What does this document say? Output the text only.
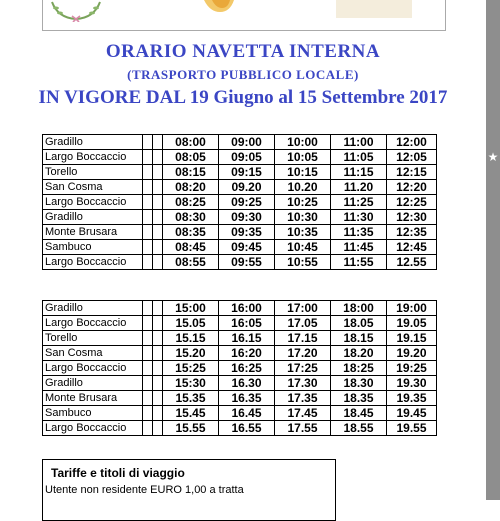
★
ORARIO NAVETTA INTERNA
(TRASPORTO PUBBLICO LOCALE)
IN VIGORE DAL 19 Giugno al 15 Settembre 2017
Gradillo			08:00	09:00	10:00	11:00	12:00
Largo Boccaccio			08:05	09:05	10:05	11:05	12:05
Torello			08:15	09:15	10:15	11:15	12:15
San Cosma			08:20	09.20	10.20	11.20	12:20
Largo Boccaccio			08:25	09:25	10:25	11:25	12:25
Gradillo			08:30	09:30	10:30	11:30	12:30
Monte Brusara			08:35	09:35	10:35	11:35	12:35
Sambuco			08:45	09:45	10:45	11:45	12:45
Largo Boccaccio			08:55	09:55	10:55	11:55	12.55
Gradillo			15:00	16:00	17:00	18:00	19:00
Largo Boccaccio			15.05	16:05	17.05	18.05	19.05
Torello			15.15	16.15	17.15	18.15	19.15
San Cosma			15.20	16:20	17.20	18.20	19.20
Largo Boccaccio			15:25	16:25	17:25	18:25	19:25
Gradillo			15:30	16.30	17.30	18.30	19.30
Monte Brusara			15.35	16.35	17.35	18.35	19.35
Sambuco			15.45	16.45	17.45	18.45	19.45
Largo Boccaccio			15.55	16.55	17.55	18.55	19.55
Tariffe e titoli di viaggio
Utente non residente EURO 1,00 a tratta
